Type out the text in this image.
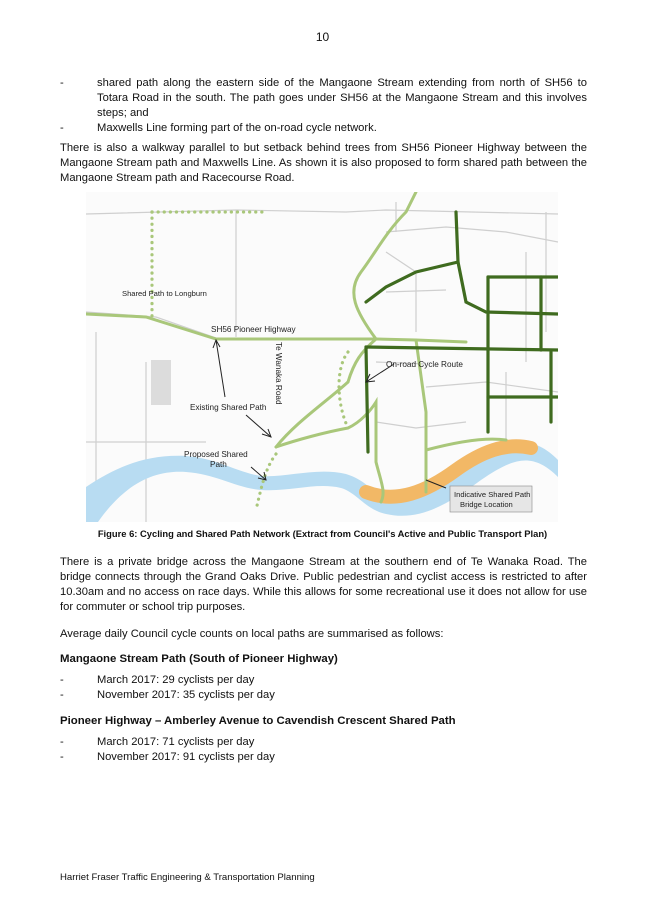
10
-	shared path along the eastern side of the Mangaone Stream extending from north of SH56 to Totara Road in the south. The path goes under SH56 at the Mangaone Stream and this involves steps; and
-	Maxwells Line forming part of the on-road cycle network.
There is also a walkway parallel to but setback behind trees from SH56 Pioneer Highway between the Mangaone Stream path and Maxwells Line. As shown it is also proposed to form shared path between the Mangaone Stream path and Racecourse Road.
Shared Path to Longburn
SH56 Pioneer Highway
Te Wanaka Road
Existing Shared Path
Proposed Shared
Path
On-road Cycle Route
Indicative Shared Path
Bridge Location
Figure 6: Cycling and Shared Path Network (Extract from Council's Active and Public Transport Plan)
There is a private bridge across the Mangaone Stream at the southern end of Te Wanaka Road. The bridge connects through the Grand Oaks Drive. Public pedestrian and cyclist access is restricted to after 10.30am and no access on race days. While this allows for some recreational use it does not allow for use for commuter or school trip purposes.
Average daily Council cycle counts on local paths are summarised as follows:
Mangaone Stream Path (South of Pioneer Highway)
-	March 2017: 29 cyclists per day
-	November 2017: 35 cyclists per day
Pioneer Highway – Amberley Avenue to Cavendish Crescent Shared Path
-	March 2017: 71 cyclists per day
-	November 2017: 91 cyclists per day
Harriet Fraser Traffic Engineering & Transportation Planning
